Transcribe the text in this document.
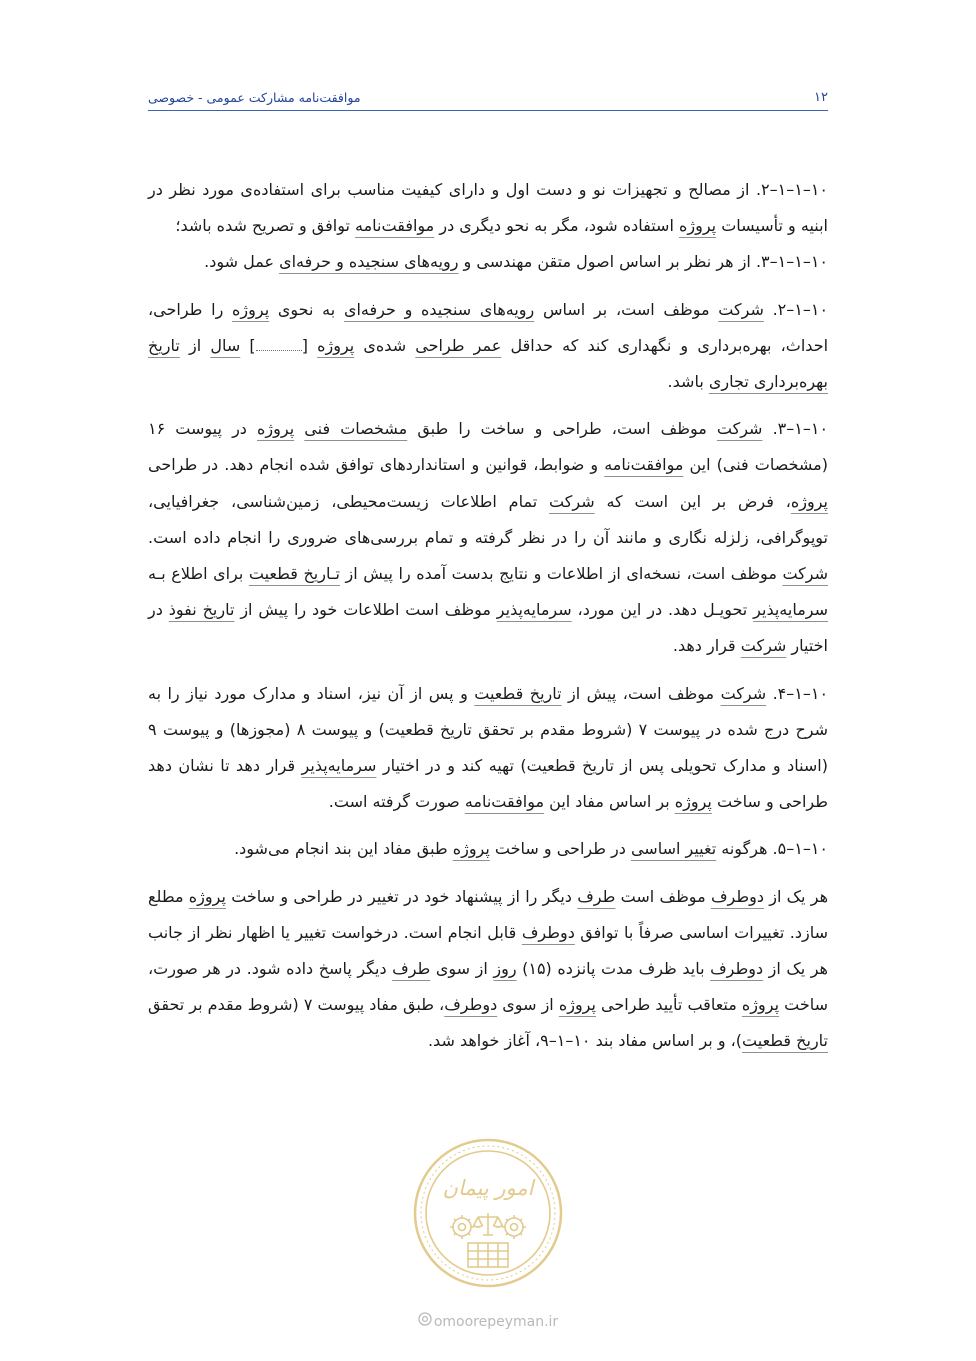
۱۲
موافقت‌نامه مشارکت عمومی - خصوصی

۱۰–۱–۱–۲. از مصالح و تجهیزات نو و دست اول و دارای کیفیت مناسب برای استفاده‌ی مورد نظر در ابنیه و تأسیسات پروژه استفاده شود، مگر به نحو دیگری در موافقت‌نامه توافق و تصریح شده باشد؛

۱۰–۱–۱–۳. از هر نظر بر اساس اصول متقن مهندسی و رویه‌های سنجیده و حرفه‌ای عمل شود.

۱۰–۱–۲. شرکت موظف است، بر اساس رویه‌های سنجیده و حرفه‌ای به نحوی پروژه را طراحی، احداث، بهره‌برداری و نگهداری کند که حداقل عمر طراحی شده‌ی پروژه [] سال از تاریخ بهره‌برداری تجاری باشد.

۱۰–۱–۳. شرکت موظف است، طراحی و ساخت را طبق مشخصات فنی پروژه در پیوست ۱۶ (مشخصات فنی) این موافقت‌نامه و ضوابط، قوانین و استانداردهای توافق شده انجام دهد. در طراحی پروژه، فرض بر این است که شرکت تمام اطلاعات زیست‌محیطی، زمین‌شناسی، جغرافیایی، توپوگرافی، زلزله نگاری و مانند آن را در نظر گرفته و تمام بررسی‌های ضروری را انجام داده است. شرکت موظف است، نسخه‌ای از اطلاعات و نتایج بدست آمده را پیش از تـاریخ قطعیت برای اطلاع بـه سرمایه‌پذیر تحویـل دهد. در این مورد، سرمایه‌پذیر موظف است اطلاعات خود را پیش از تاریخ نفوذ در اختیار شرکت قرار دهد.

۱۰–۱–۴. شرکت موظف است، پیش از تاریخ قطعیت و پس از آن نیز، اسناد و مدارک مورد نیاز را به شرح درج شده در پیوست ۷ (شروط مقدم بر تحقق تاریخ قطعیت) و پیوست ۸ (مجوزها) و پیوست ۹ (اسناد و مدارک تحویلی پس از تاریخ قطعیت) تهیه کند و در اختیار سرمایه‌پذیر قرار دهد تا نشان دهد طراحی و ساخت پروژه بر اساس مفاد این موافقت‌نامه صورت گرفته است.

۱۰–۱–۵. هرگونه تغییر اساسی در طراحی و ساخت پروژه طبق مفاد این بند انجام می‌شود.

هر یک از دوطرف موظف است طرف دیگر را از پیشنهاد خود در تغییر در طراحی و ساخت پروژه مطلع سازد. تغییرات اساسی صرفاً با توافق دوطرف قابل انجام است. درخواست تغییر یا اظهار نظر از جانب هر یک از دوطرف باید ظرف مدت پانزده (۱۵) روز از سوی طرف دیگر پاسخ داده شود. در هر صورت، ساخت پروژه متعاقب تأیید طراحی پروژه از سوی دوطرف، طبق مفاد پیوست ۷ (شروط مقدم بر تحقق تاریخ قطعیت)، و بر اساس مفاد بند ۱۰–۱–۹، آغاز خواهد شد.

امور پیمان
omoorepeyman.ir
